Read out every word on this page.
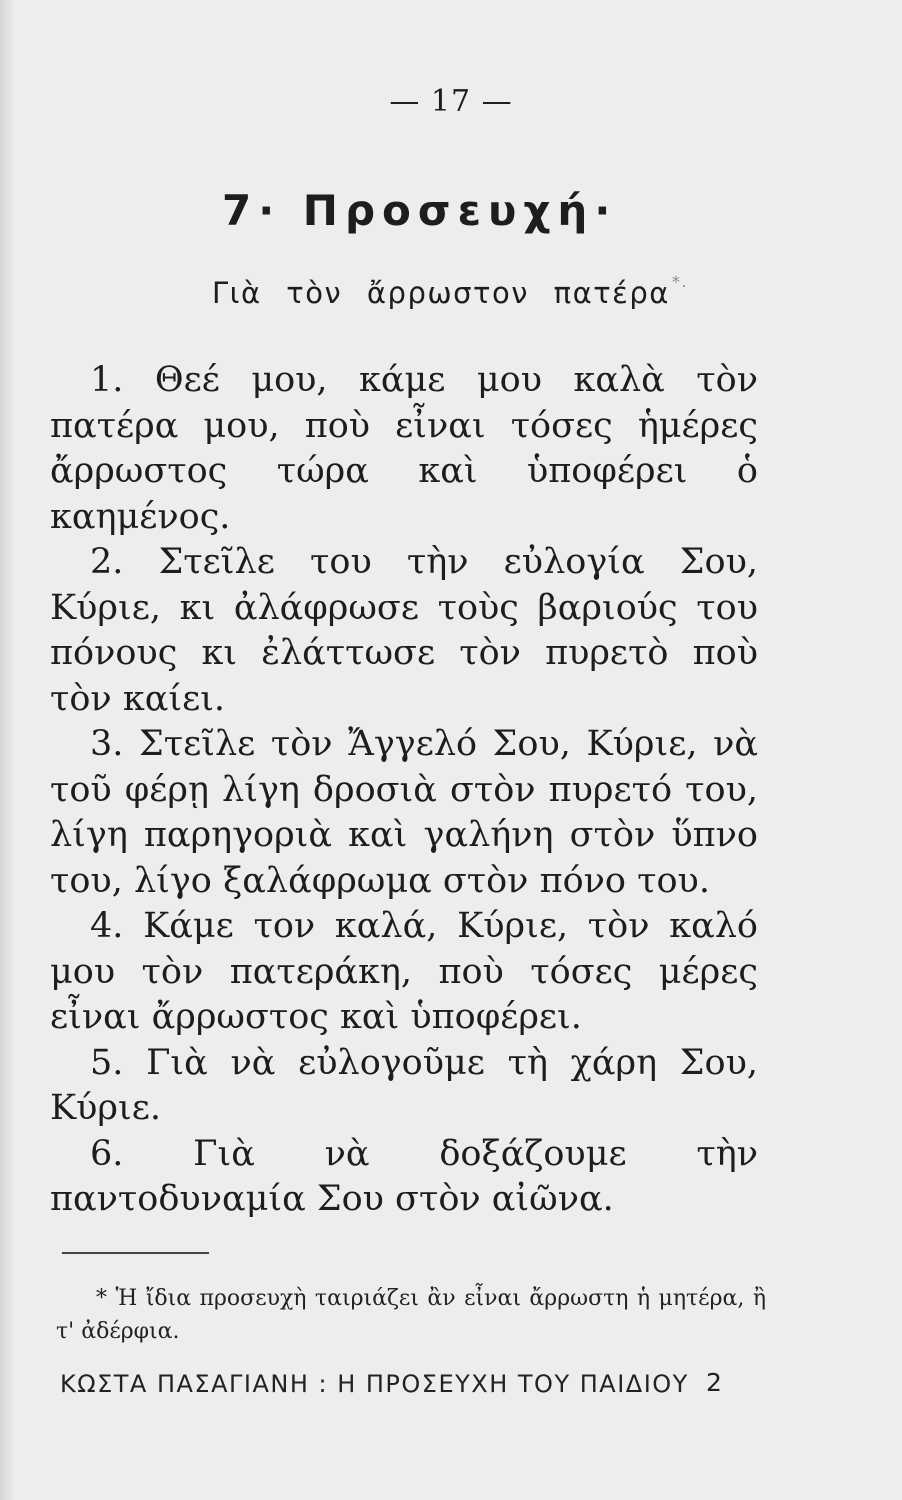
— 17 —
7· Προσευχή·
Γιὰ τὸν ἄρρωστον πατέρα *.

1. Θεέ μου, κάμε μου καλὰ τὸν πατέρα μου, ποὺ εἶναι τόσες ἡμέρες ἄρρωστος τώρα καὶ ὑποφέρει ὁ καημένος.

2. Στεῖλε του τὴν εὐλογία Σου, Κύριε, κι ἀλάφρωσε τοὺς βαριούς του πόνους κι ἐλάττωσε τὸν πυρετὸ ποὺ τὸν καίει.

3. Στεῖλε τὸν Ἄγγελό Σου, Κύριε, νὰ τοῦ φέρῃ λίγη δροσιὰ στὸν πυρετό του, λίγη παρηγοριὰ καὶ γαλήνη στὸν ὕπνο του, λίγο ξαλάφρωμα στὸν πόνο του.

4. Κάμε τον καλά, Κύριε, τὸν καλό μου τὸν πατεράκη, ποὺ τόσες μέρες εἶναι ἄρρωστος καὶ ὑποφέρει.

5. Γιὰ νὰ εὐλογοῦμε τὴ χάρη Σου, Κύριε.

6. Γιὰ νὰ δοξάζουμε τὴν παντοδυναμία Σου στὸν αἰῶνα.

* Ἡ ἴδια προσευχὴ ταιριάζει ἂν εἶναι ἄρρωστη ἡ μητέρα, ἢ τ' ἀδέρφια.
ΚΩΣΤΑ ΠΑΣΑΓΙΑΝΗ : Η ΠΡΟΣΕΥΧΗ ΤΟΥ ΠΑΙΔΙΟΥ 2
